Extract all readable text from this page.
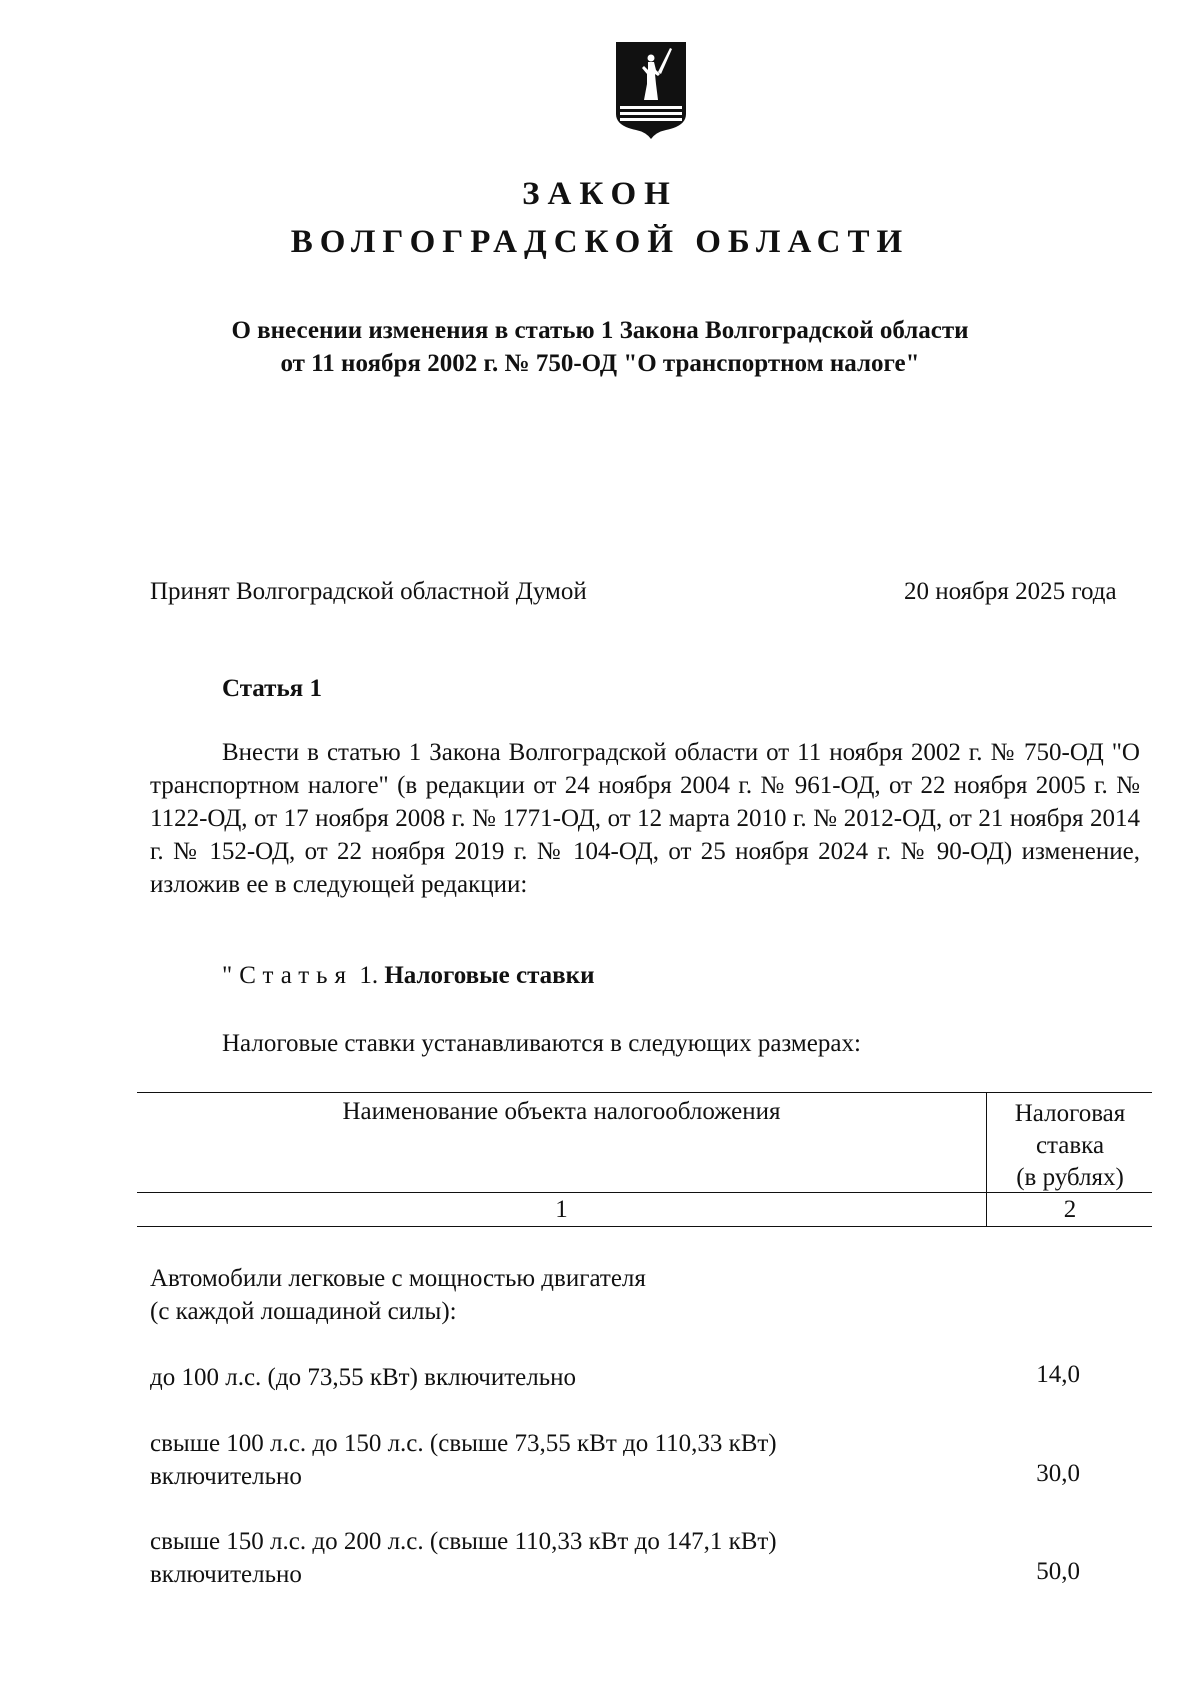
ЗАКОН
ВОЛГОГРАДСКОЙ ОБЛАСТИ
О внесении изменения в статью 1 Закона Волгоградской области
от 11 ноября 2002 г. № 750-ОД "О транспортном налоге"
Принят Волгоградской областной Думой	20 ноября 2025 года
Статья 1
Внести в статью 1 Закона Волгоградской области от 11 ноября 2002 г. № 750-ОД "О транспортном налоге" (в редакции от 24 ноября 2004 г. № 961-ОД, от 22 ноября 2005 г. № 1122-ОД, от 17 ноября 2008 г. № 1771-ОД, от 12 марта 2010 г. № 2012-ОД, от 21 ноября 2014 г. № 152-ОД, от 22 ноября 2019 г. № 104-ОД, от 25 ноября 2024 г. № 90-ОД) изменение, изложив ее в следующей редакции:
"Статья 1. Налоговые ставки
Налоговые ставки устанавливаются в следующих размерах:
Наименование объекта налогообложения	Налоговая
ставка
(в рублях)
1	2
Автомобили легковые с мощностью двигателя
(с каждой лошадиной силы):
до 100 л.с. (до 73,55 кВт) включительно	14,0
свыше 100 л.с. до 150 л.с. (свыше 73,55 кВт до 110,33 кВт)
включительно	30,0
свыше 150 л.с. до 200 л.с. (свыше 110,33 кВт до 147,1 кВт)
включительно	50,0
